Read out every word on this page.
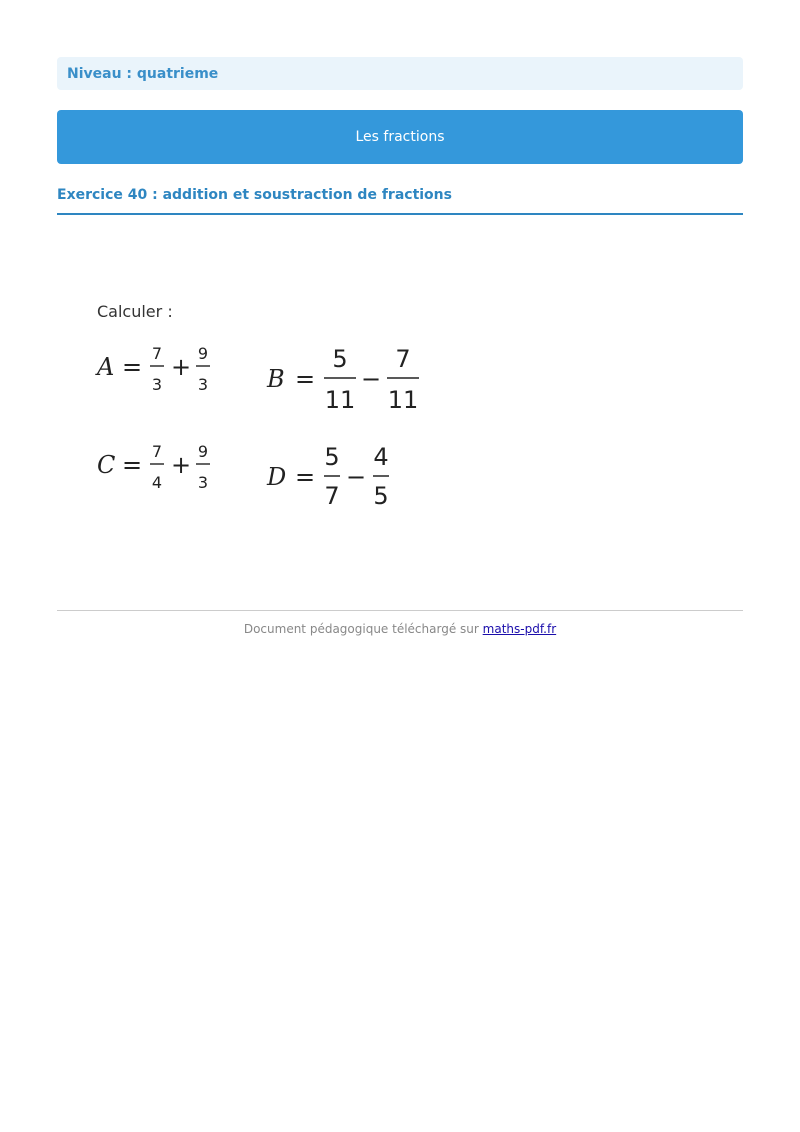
Niveau : quatrieme
Les fractions
Exercice 40 : addition et soustraction de fractions
Calculer :
A = 7
3
+ 9
3 B =
5
11
−
7
11
C = 7
4
+ 9
3 D =
5
7
−
4
5
Document pédagogique téléchargé sur maths-pdf.fr
